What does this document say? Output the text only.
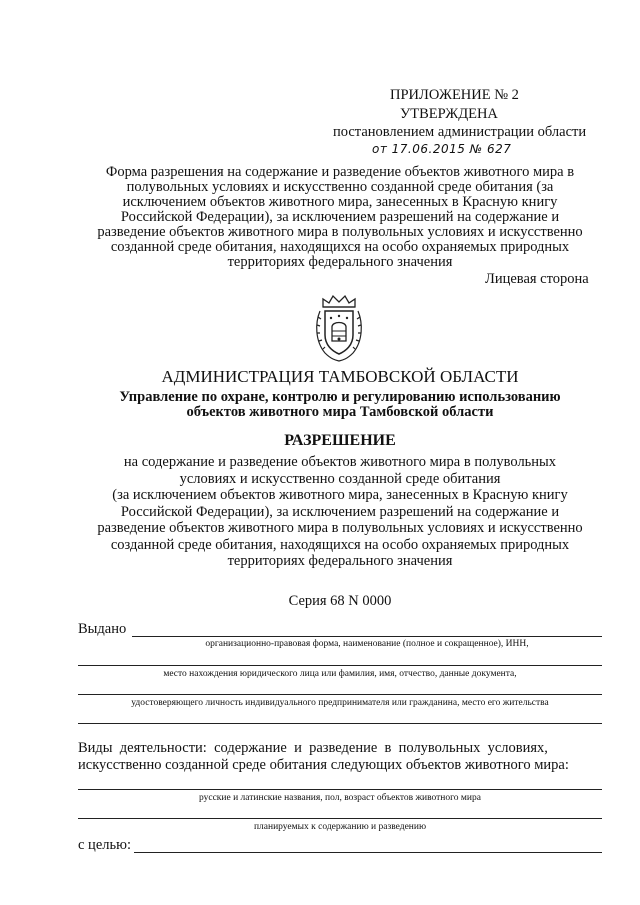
ПРИЛОЖЕНИЕ № 2
УТВЕРЖДЕНА
постановлением администрации области
от 17.06.2015 № 627

Форма разрешения на содержание и разведение объектов животного мира в

полувольных условиях и искусственно созданной среде обитания (за

исключением объектов животного мира, занесенных в Красную книгу

Российской Федерации), за исключением разрешений на содержание и

разведение объектов животного мира в полувольных условиях и искусственно

созданной среде обитания, находящихся на особо охраняемых природных

территориях федерального значения

Лицевая сторона
АДМИНИСТРАЦИЯ ТАМБОВСКОЙ ОБЛАСТИ

Управление по охране, контролю и регулированию использованию

объектов животного мира Тамбовской области

РАЗРЕШЕНИЕ

на содержание и разведение объектов животного мира в полувольных

условиях и искусственно созданной среде обитания

(за исключением объектов животного мира, занесенных в Красную книгу

Российской Федерации), за исключением разрешений на содержание и

разведение объектов животного мира в полувольных условиях и искусственно

созданной среде обитания, находящихся на особо охраняемых природных

территориях федерального значения

Серия 68 N 0000
Выдано
организационно-правовая форма, наименование (полное и сокращенное), ИНН,
место нахождения юридического лица или фамилия, имя, отчество, данные документа,
удостоверяющего личность индивидуального предпринимателя или гражданина, место его жительства
Виды  деятельности:  содержание  и  разведение  в  полувольных  условиях,
искусственно созданной среде обитания следующих объектов животного мира:
русские и латинские названия, пол, возраст объектов животного мира
планируемых к содержанию и разведению
с целью:
